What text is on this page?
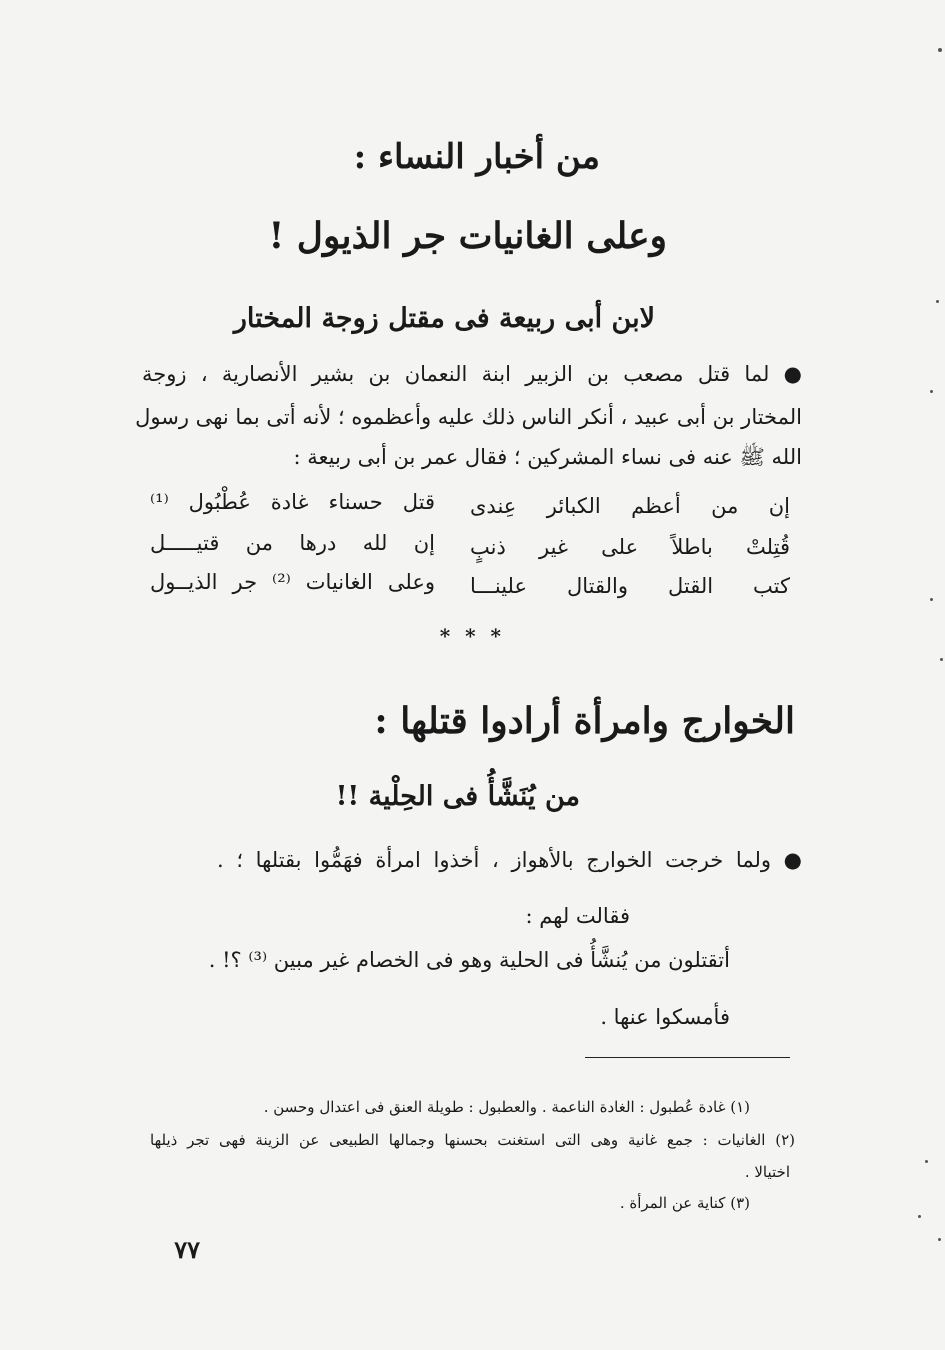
من أخبار النساء :
وعلى الغانيات جر الذيول !
لابن أبى ربيعة فى مقتل زوجة المختار
● لما قتل مصعب بن الزبير ابنة النعمان بن بشير الأنصارية ، زوجة
المختار بن أبى عبيد ، أنكر الناس ذلك عليه وأعظموه ؛ لأنه أتى بما نهى رسول
الله ﷺ عنه فى نساء المشركين ؛ فقال عمر بن أبى ربيعة :
إن من أعظم الكبائر عِندى
قتل حسناء غادة عُطْبُول ⁽¹⁾
قُتِلتْ باطلاً على غير ذنبٍ
إن لله درها من قتيـــــل
كتب القتل والقتال علينـــا
وعلى الغانيات ⁽²⁾ جر الذيــول
* * *
الخوارج وامرأة أرادوا قتلها :
من يُنَشَّأُ فى الحِلْية !!
● ولما خرجت الخوارج بالأهواز ، أخذوا امرأة فهَمُّوا بقتلها ؛ .
فقالت لهم :
أتقتلون من يُنشَّأُ فى الحلية وهو فى الخصام غير مبين ⁽³⁾ ؟! .
فأمسكوا عنها .
(١) غادة عُطبول : الغادة الناعمة . والعطبول : طويلة العنق فى اعتدال وحسن .
(٢) الغانيات : جمع غانية وهى التى استغنت بحسنها وجمالها الطبيعى عن الزينة فهى تجر ذيلها
اختيالا .
(٣) كناية عن المرأة .
٧٧
